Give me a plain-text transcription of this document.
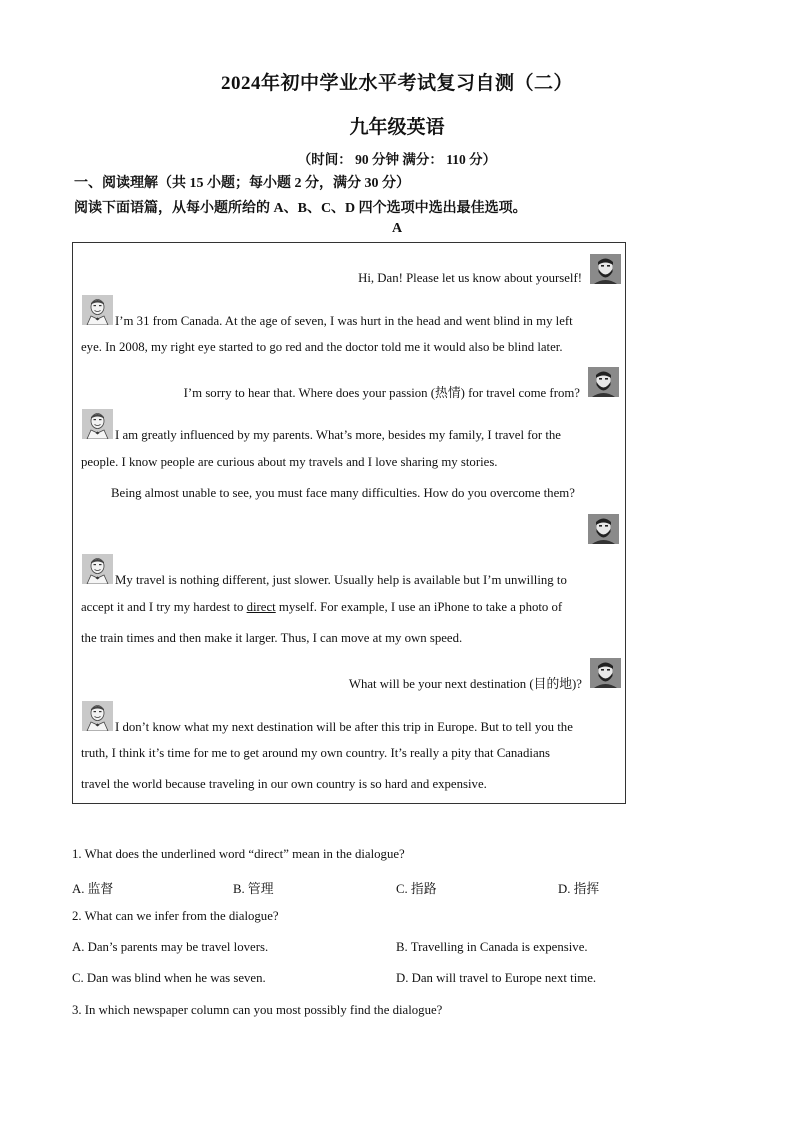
2024年初中学业水平考试复习自测（二）
九年级英语
（时间： 90 分钟 满分： 110 分）
一、阅读理解（共 15 小题；每小题 2 分，满分 30 分）
阅读下面语篇，从每小题所给的 A、B、C、D 四个选项中选出最佳选项。
A
Hi, Dan! Please let us know about yourself!
I’m 31 from Canada. At the age of seven, I was hurt in the head and went blind in my left
eye. In 2008, my right eye started to go red and the doctor told me it would also be blind later.
I’m sorry to hear that. Where does your passion (热情) for travel come from?
I am greatly influenced by my parents. What’s more, besides my family, I travel for the
people. I know people are curious about my travels and I love sharing my stories.
Being almost unable to see, you must face many difficulties. How do you overcome them?
My travel is nothing different, just slower. Usually help is available but I’m unwilling to
accept it and I try my hardest to direct myself. For example, I use an iPhone to take a photo of
the train times and then make it larger. Thus, I can move at my own speed.
What will be your next destination (目的地)?
I don’t know what my next destination will be after this trip in Europe. But to tell you the
truth, I think it’s time for me to get around my own country. It’s really a pity that Canadians
travel the world because traveling in our own country is so hard and expensive.
1. What does the underlined word “direct” mean in the dialogue?
A. 监督	B. 管理	C. 指路	D. 指挥
2. What can we infer from the dialogue?
A. Dan’s parents may be travel lovers.	B. Travelling in Canada is expensive.
C. Dan was blind when he was seven.	D. Dan will travel to Europe next time.
3. In which newspaper column can you most possibly find the dialogue?
